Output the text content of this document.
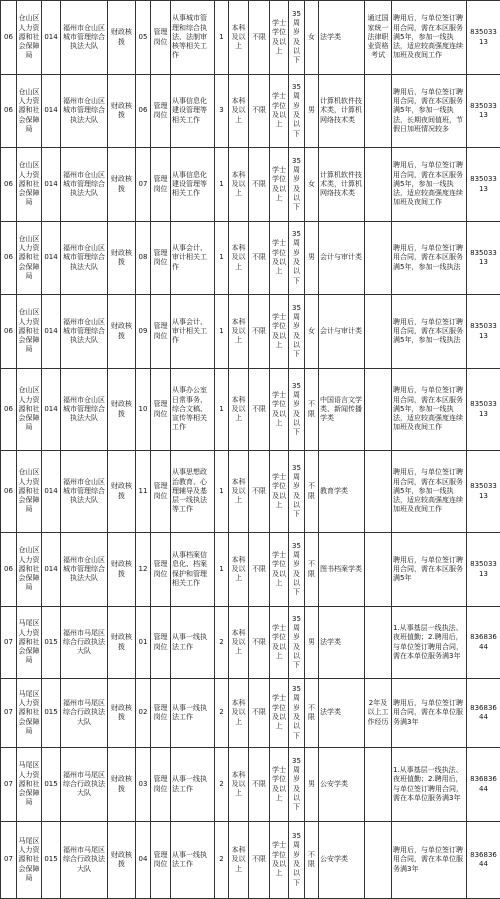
06	仓山区人力资源和社会保障局	014	福州市仓山区城市管理综合执法大队	财政核拨	05	管理岗位	从事城市管理和综合执法、法制审核等相关工作	1	本科及以上	不限	学士学位及以上	35周岁及以下	女	法学类	通过国家统一法律职业资格考试	聘用后，与单位签订聘用合同，需在本区服务满5年，参加一线执法，适应较高强度连续加班及夜间工作	83503313
06	仓山区人力资源和社会保障局	014	福州市仓山区城市管理综合执法大队	财政核拨	06	管理岗位	从事信息化建设管理等相关工作	3	本科及以上	不限	学士学位及以上	35周岁及以下	男	计算机软件技术类，计算机网络技术类		聘用后，与单位签订聘用合同，需在本区服务满5年，参加一线执法，长期夜间值班，节假日加班情况较多	83503313
06	仓山区人力资源和社会保障局	014	福州市仓山区城市管理综合执法大队	财政核拨	07	管理岗位	从事信息化建设管理等相关工作	1	本科及以上	不限	学士学位及以上	35周岁及以下	女	计算机软件技术类，计算机网络技术类		聘用后，与单位签订聘用合同，需在本区服务满5年，参加一线执法，适应较高强度连续加班及夜间工作	83503313
06	仓山区人力资源和社会保障局	014	福州市仓山区城市管理综合执法大队	财政核拨	08	管理岗位	从事会计、审计相关工作	1	本科及以上	不限	学士学位及以上	35周岁及以下	男	会计与审计类		聘用后，与单位签订聘用合同，需在本区服务满5年，参加一线执法	83503313
06	仓山区人力资源和社会保障局	014	福州市仓山区城市管理综合执法大队	财政核拨	09	管理岗位	从事会计、审计相关工作	1	本科及以上	不限	学士学位及以上	35周岁及以下	女	会计与审计类		聘用后，与单位签订聘用合同，需在本区服务满5年，参加一线执法	83503313
06	仓山区人力资源和社会保障局	014	福州市仓山区城市管理综合执法大队	财政核拨	10	管理岗位	从事办公室日常事务、综合文稿、宣传等相关工作	1	本科及以上	不限	学士学位及以上	35周岁及以下	不限	中国语言文学类、新闻传播学类		聘用后，与单位签订聘用合同，需在本区服务满5年，参加一线执法，适应较高强度连续加班及夜间工作	83503313
06	仓山区人力资源和社会保障局	014	福州市仓山区城市管理综合执法大队	财政核拨	11	管理岗位	从事思想政治教育、心理辅导及基层一线执法等工作	1	本科及以上	不限	学士学位及以上	35周岁及以下	不限	教育学类		聘用后，与单位签订聘用合同，需在本区服务满5年，参加一线执法，适应较高强度连续加班及夜间工作	83503313
06	仓山区人力资源和社会保障局	014	福州市仓山区城市管理综合执法大队	财政核拨	12	管理岗位	从事档案信息化、档案保护和管理相关工作	1	本科及以上	不限	学士学位及以上	35周岁及以下	不限	图书档案学类		聘用后，与单位签订聘用合同，需在本区服务满5年	83503313
07	马尾区人力资源和社会保障局	015	福州市马尾区综合行政执法大队	财政核拨	01	管理岗位	从事一线执法工作	2	本科及以上	不限	学士学位及以上	35周岁及以下	男	法学类		1.从事基层一线执法、夜班值勤；2.聘用后，与单位签订聘用合同，需在本单位服务满3年	83683644
07	马尾区人力资源和社会保障局	015	福州市马尾区综合行政执法大队	财政核拨	02	管理岗位	从事一线执法工作	2	本科及以上	不限	学士学位及以上	35周岁及以下	不限	法学类	2年及以上工作经历	聘用后，与单位签订聘用合同，需在本单位服务满3年	83683644
07	马尾区人力资源和社会保障局	015	福州市马尾区综合行政执法大队	财政核拨	03	管理岗位	从事一线执法工作	2	本科及以上	不限	学士学位及以上	35周岁及以下	男	公安学类		1.从事基层一线执法、夜班值勤；2.聘用后，与单位签订聘用合同，需在本单位服务满3年	83683644
07	马尾区人力资源和社会保障局	015	福州市马尾区综合行政执法大队	财政核拨	04	管理岗位	从事一线执法工作	2	本科及以上	不限	学士学位及以上	35周岁及以下	不限	公安学类		聘用后，与单位签订聘用合同，需在本单位服务满3年	83683644
